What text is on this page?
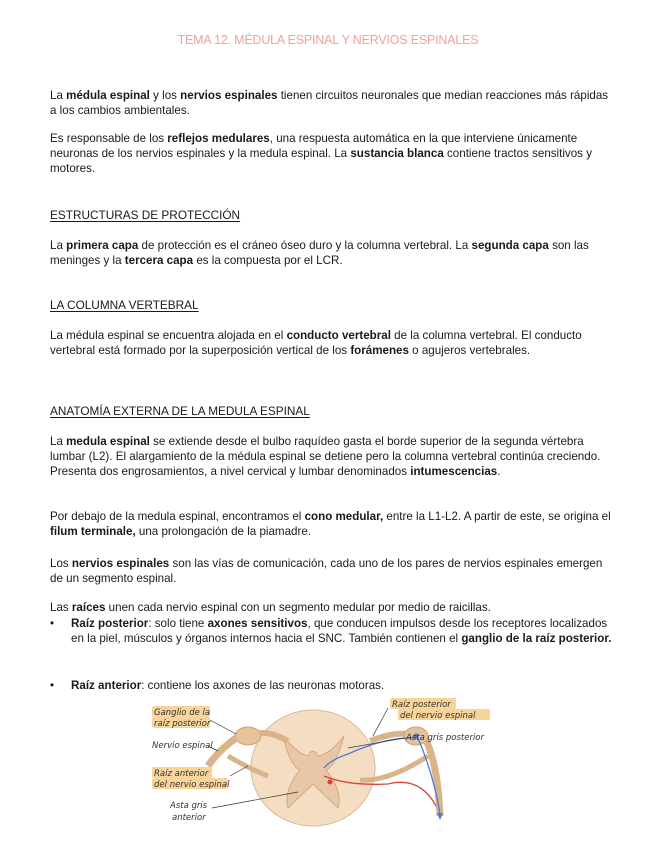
TEMA 12. MÉDULA ESPINAL Y NERVIOS ESPINALES

La médula espinal y los nervios espinales tienen circuitos neuronales que median reacciones más rápidas a los cambios ambientales.

Es responsable de los reflejos medulares, una respuesta automática en la que interviene únicamente neuronas de los nervios espinales y la medula espinal. La sustancia blanca contiene tractos sensitivos y motores.

ESTRUCTURAS DE PROTECCIÓN

La primera capa de protección es el cráneo óseo duro y la columna vertebral. La segunda capa son las meninges y la tercera capa es la compuesta por el LCR.

LA COLUMNA VERTEBRAL

La médula espinal se encuentra alojada en el conducto vertebral de la columna vertebral. El conducto vertebral está formado por la superposición vertical de los forámenes o agujeros vertebrales.

ANATOMÍA EXTERNA DE LA MEDULA ESPINAL

La medula espinal se extiende desde el bulbo raquídeo gasta el borde superior de la segunda vértebra lumbar (L2). El alargamiento de la médula espinal se detiene pero la columna vertebral continúa creciendo. Presenta dos engrosamientos, a nivel cervical y lumbar denominados intumescencias.

Por debajo de la medula espinal, encontramos el cono medular, entre la L1-L2. A partir de este, se origina el filum terminale, una prolongación de la piamadre.

Los nervios espinales son las vías de comunicación, cada uno de los pares de nervios espinales emergen de un segmento espinal.

Las raíces unen cada nervio espinal con un segmento medular por medio de raicillas.

• Raíz posterior: solo tiene axones sensitivos, que conducen impulsos desde los receptores localizados en la piel, músculos y órganos internos hacia el SNC. También contienen el ganglio de la raíz posterior.
• Raíz anterior: contiene los axones de las neuronas motoras.
Ganglio de la
raíz posterior
Nervio espinal
Raíz anterior
del nervio espinal
Asta gris
anterior
Raíz posterior
del nervio espinal
Asta gris posterior
